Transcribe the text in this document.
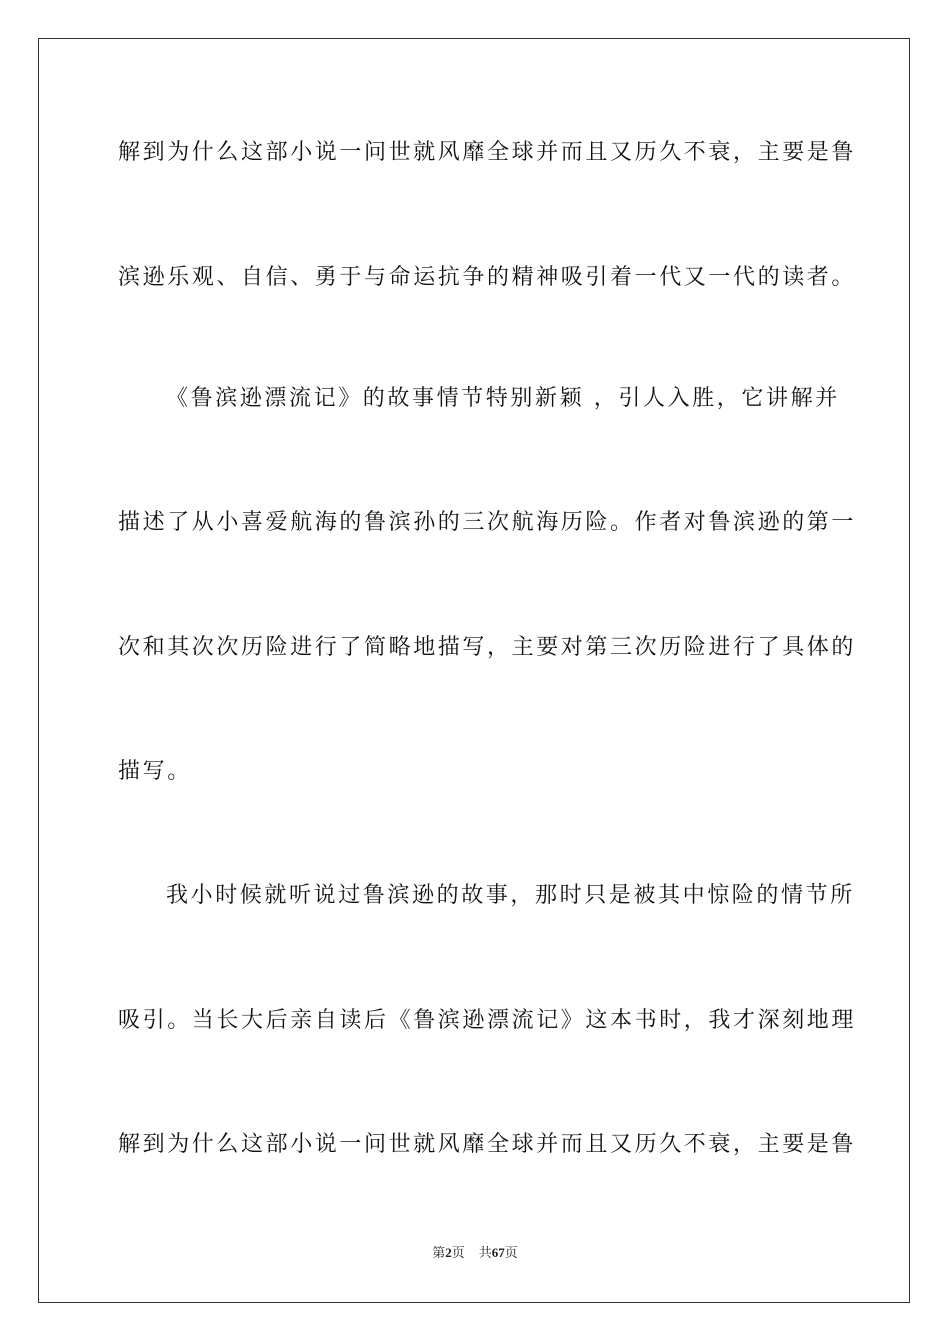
解到为什么这部小说一问世就风靡全球并而且又历久不衰，主要是鲁
滨逊乐观、自信、勇于与命运抗争的精神吸引着一代又一代的读者。
《鲁滨逊漂流记》的故事情节特别新颖 ，引人入胜，它讲解并
描述了从小喜爱航海的鲁滨孙的三次航海历险。作者对鲁滨逊的第一
次和其次次历险进行了简略地描写，主要对第三次历险进行了具体的
描写。
我小时候就听说过鲁滨逊的故事，那时只是被其中惊险的情节所
吸引。当长大后亲自读后《鲁滨逊漂流记》这本书时，我才深刻地理
解到为什么这部小说一问世就风靡全球并而且又历久不衰，主要是鲁
第2页 共67页
